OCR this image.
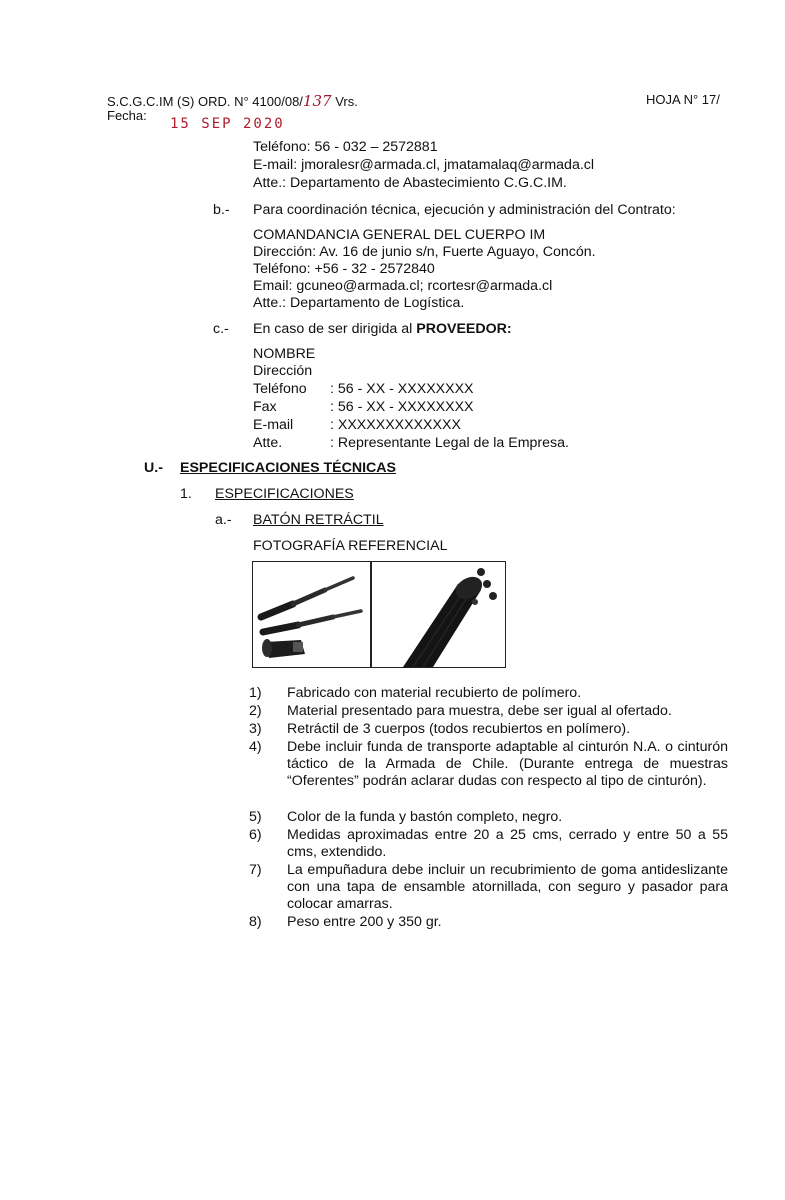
S.C.G.C.IM (S) ORD. N° 4100/08/137 Vrs.	HOJA N° 17/
Fecha:
15 SEP 2020
Teléfono: 56 - 032 – 2572881
E-mail: jmoralesr@armada.cl, jmatamalaq@armada.cl
Atte.: Departamento de Abastecimiento C.G.C.IM.
b.- Para coordinación técnica, ejecución y administración del Contrato:
COMANDANCIA GENERAL DEL CUERPO IM
Dirección: Av. 16 de junio s/n, Fuerte Aguayo, Concón.
Teléfono: +56 - 32 - 2572840
Email: gcuneo@armada.cl; rcortesr@armada.cl
Atte.: Departamento de Logística.
c.- En caso de ser dirigida al PROVEEDOR:
NOMBRE
Dirección
Teléfono : 56 - XX - XXXXXXXX
Fax	: 56 - XX - XXXXXXXX
E-mail	: XXXXXXXXXXXXX
Atte.	: Representante Legal de la Empresa.
U.- ESPECIFICACIONES TÉCNICAS
1. ESPECIFICACIONES
a.- BATÓN RETRÁCTIL
FOTOGRAFÍA REFERENCIAL
1) Fabricado con material recubierto de polímero.
2) Material presentado para muestra, debe ser igual al ofertado.
3) Retráctil de 3 cuerpos (todos recubiertos en polímero).
4) Debe incluir funda de transporte adaptable al cinturón N.A. o cinturón táctico de la Armada de Chile. (Durante entrega de muestras “Oferentes” podrán aclarar dudas con respecto al tipo de cinturón).
5) Color de la funda y bastón completo, negro.
6) Medidas aproximadas entre 20 a 25 cms, cerrado y entre 50 a 55 cms, extendido.
7) La empuñadura debe incluir un recubrimiento de goma antideslizante con una tapa de ensamble atornillada, con seguro y pasador para colocar amarras.
8) Peso entre 200 y 350 gr.
